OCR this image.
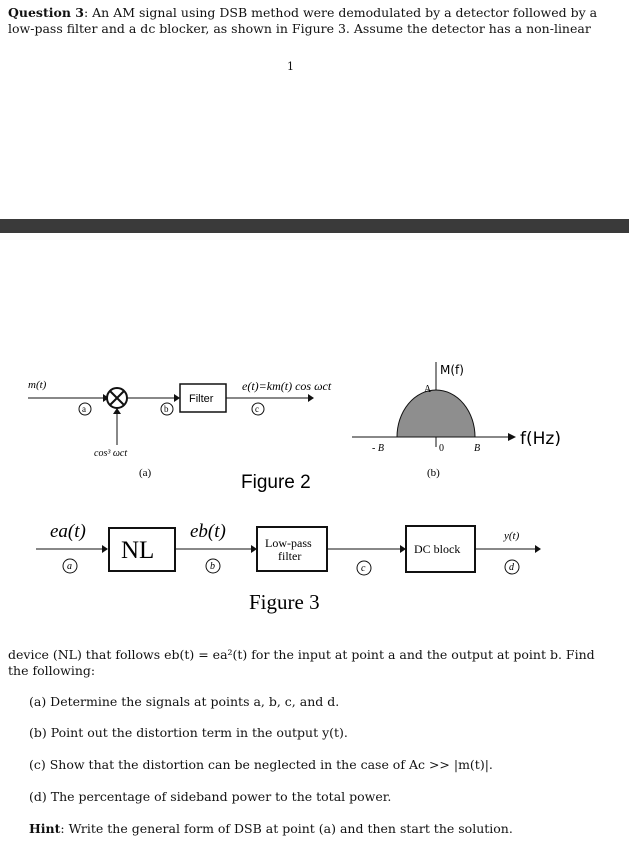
Question 3: An AM signal using DSB method were demodulated by a detector followed by a low-pass filter and a dc blocker, as shown in Figure 3. Assume the detector has a non-linear
1
m(t)
a
cos³ ωct
b
Filter
e(t)=km(t) cos ωct
c
(a)	Figure 2
M(f)
A
- B	0	B f(Hz)
(b)
ea(t)
a
NL
eb(t)
b
Low-pass
filter
c
DC block
y(t)
d
Figure 3
device (NL) that follows eb(t) = ea²(t) for the input at point a and the output at point b. Find the following:
(a) Determine the signals at points a, b, c, and d.
(b) Point out the distortion term in the output y(t).
(c) Show that the distortion can be neglected in the case of Ac >> |m(t)|.
(d) The percentage of sideband power to the total power.
Hint: Write the general form of DSB at point (a) and then start the solution.
